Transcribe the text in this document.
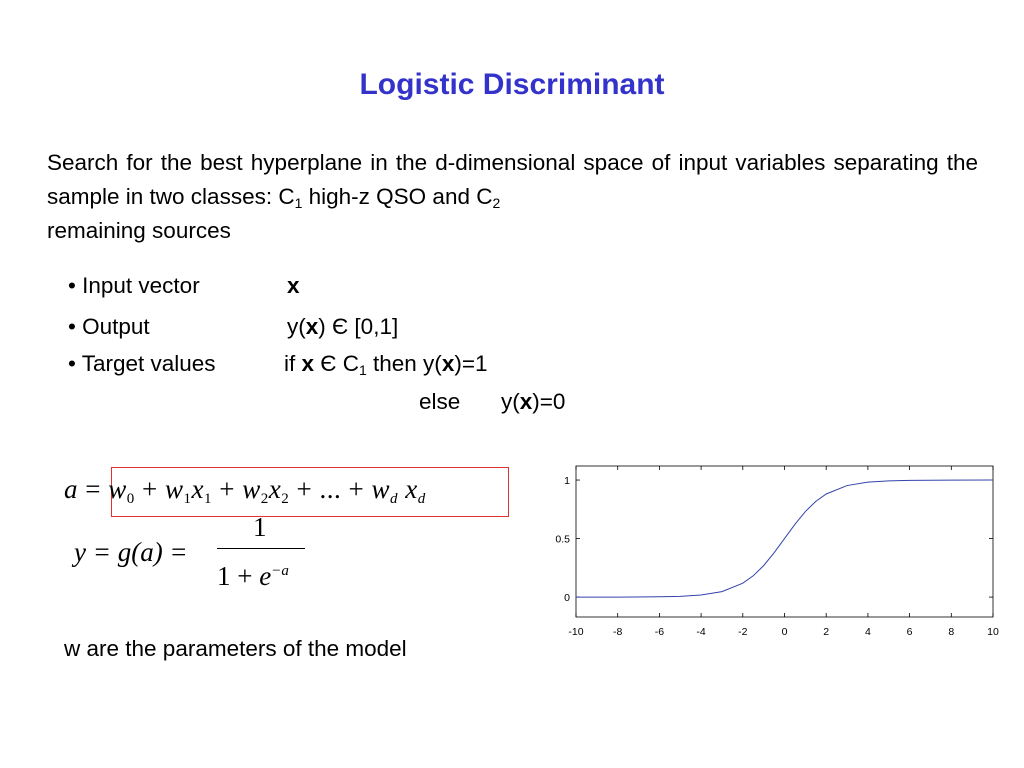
Logistic Discriminant
Search for the best hyperplane in the d-dimensional space of input variables separating the sample in two classes: $C_1$ high-z QSO and $C_2$
remaining sources
• Input vector	x
• Output	y(x) Є [0,1]
• Target values	if x Є $C_1$ then y(x)=1
else y(x)=0
$a = w_0 + w_1x_1 + w_2x_2$ + ... + $w_d$ $x_d$
y = g(a) =
1
$1 + e^{-a}$
w are the parameters of the model
-10	-8	-6	-4	-2	0	2	4	6	8	10
0
0.5
1
